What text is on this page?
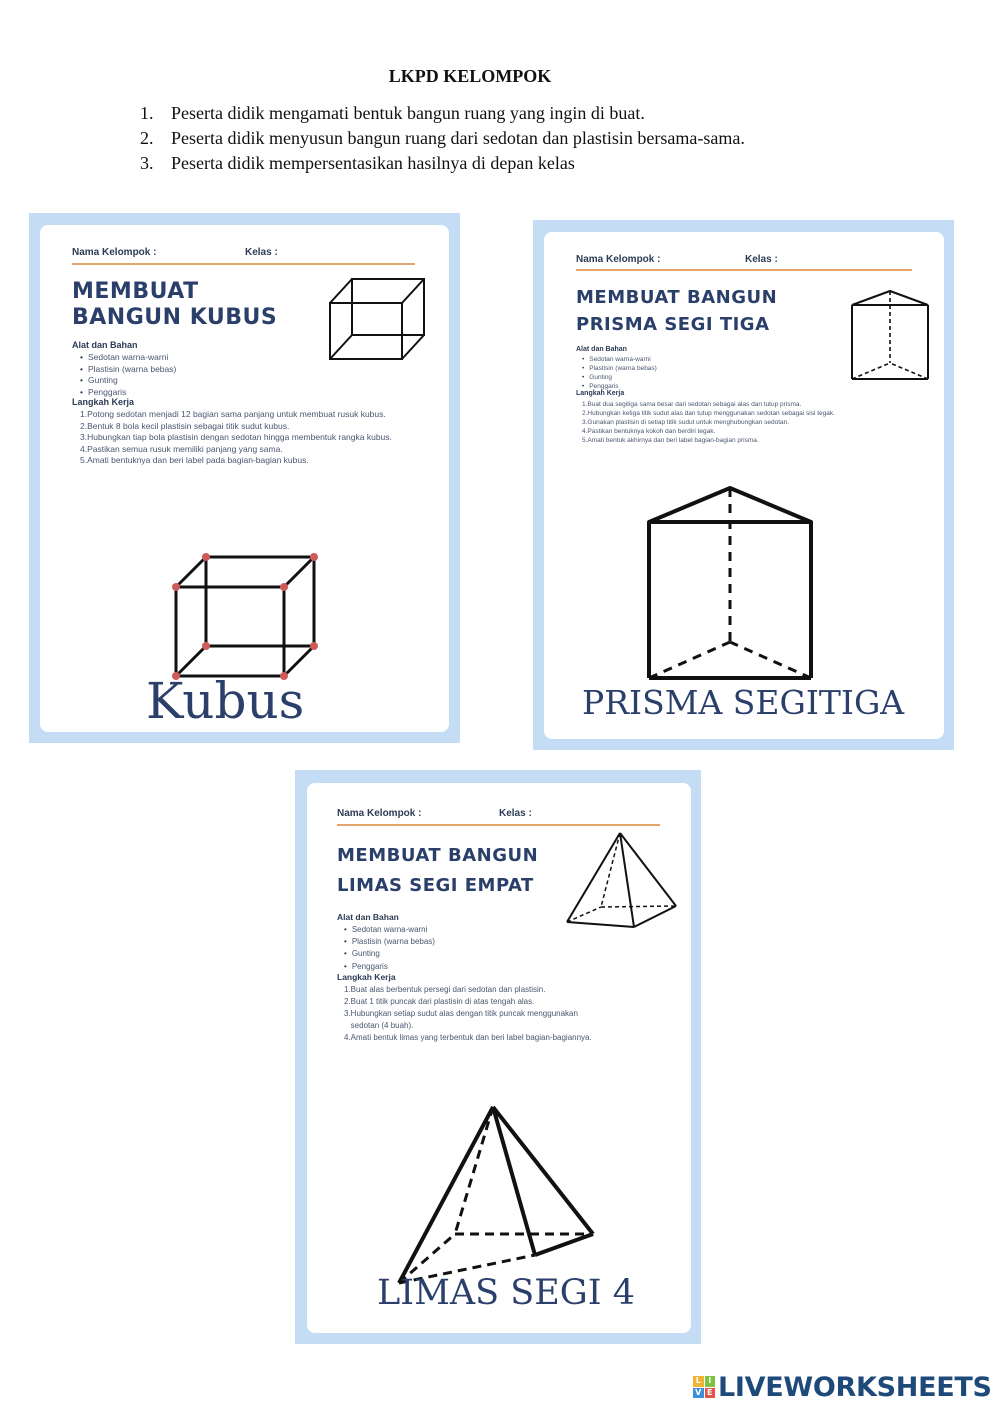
LKPD KELOMPOK
1. Peserta didik mengamati bentuk bangun ruang yang ingin di buat.
2. Peserta didik menyusun bangun ruang dari sedotan dan plastisin bersama-sama.
3. Peserta didik mempersentasikan hasilnya di depan kelas
Nama Kelompok :	Kelas :
MEMBUAT
BANGUN KUBUS
Alat dan Bahan
• Sedotan warna-warni
• Plastisin (warna bebas)
• Gunting
• Penggaris
Langkah Kerja
1. Potong sedotan menjadi 12 bagian sama panjang untuk membuat rusuk kubus.
2. Bentuk 8 bola kecil plastisin sebagai titik sudut kubus.
3. Hubungkan tiap bola plastisin dengan sedotan hingga membentuk rangka kubus.
4. Pastikan semua rusuk memiliki panjang yang sama.
5. Amati bentuknya dan beri label pada bagian-bagian kubus.
Kubus
Nama Kelompok :	Kelas :
MEMBUAT BANGUN
PRISMA SEGI TIGA
Alat dan Bahan
• Sedotan warna-warni
• Plastisin (warna bebas)
• Gunting
• Penggaris
Langkah Kerja
1. Buat dua segitiga sama besar dari sedotan sebagai alas dan tutup prisma.
2. Hubungkan ketiga titik sudut alas dan tutup menggunakan sedotan sebagai sisi tegak.
3. Gunakan plastisin di setiap titik sudut untuk menghubungkan sedotan.
4. Pastikan bentuknya kokoh dan berdiri tegak.
5. Amati bentuk akhirnya dan beri label bagian-bagian prisma.
PRISMA SEGITIGA
Nama Kelompok :	Kelas :
MEMBUAT BANGUN
LIMAS SEGI EMPAT
Alat dan Bahan
• Sedotan warna-warni
• Plastisin (warna bebas)
• Gunting
• Penggaris
Langkah Kerja
1. Buat alas berbentuk persegi dari sedotan dan plastisin.
2. Buat 1 titik puncak dari plastisin di atas tengah alas.
3. Hubungkan setiap sudut alas dengan titik puncak menggunakan sedotan (4 buah).
4. Amati bentuk limas yang terbentuk dan beri label bagian-bagiannya.
LIMAS SEGI 4
L I
V E LIVEWORKSHEETS
